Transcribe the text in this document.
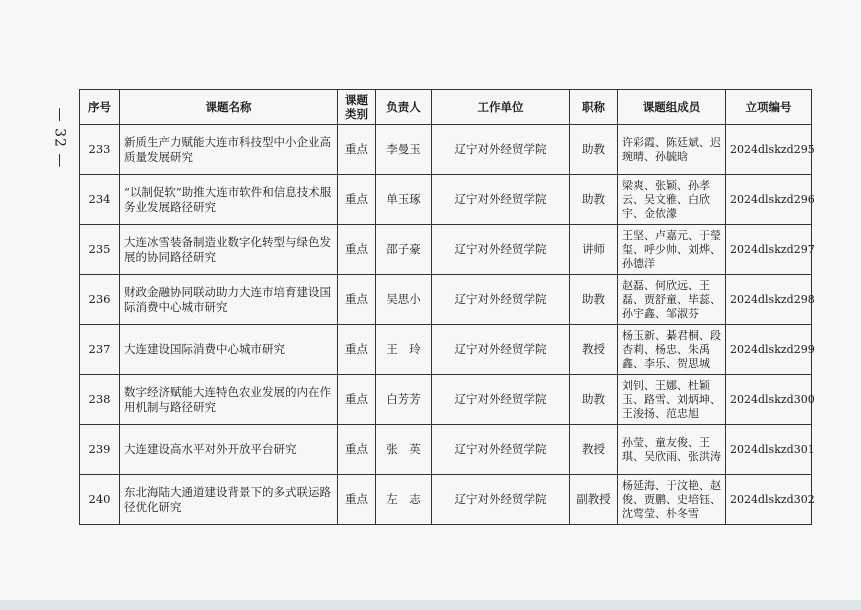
— 32 —
序号	课题名称	课题类别	负责人	工作单位	职称	课题组成员	立项编号
233	新质生产力赋能大连市科技型中小企业高质量发展研究	重点	李曼玉	辽宁对外经贸学院	助教	许彩霞、陈廷斌、迟琬晴、孙毓晗	2024dlskzd295
234	“以制促软”助推大连市软件和信息技术服务业发展路径研究	重点	单玉琢	辽宁对外经贸学院	助教	梁爽、张颖、孙孝云、吴文雅、白欣宇、金依濛	2024dlskzd296
235	大连冰雪装备制造业数字化转型与绿色发展的协同路径研究	重点	邵子豪	辽宁对外经贸学院	讲师	王坚、卢嘉元、于瑩玺、呼少帅、刘烨、孙德洋	2024dlskzd297
236	财政金融协同联动助力大连市培育建设国际消费中心城市研究	重点	吴思小	辽宁对外经贸学院	助教	赵磊、何欣远、王磊、贾舒童、毕蕊、孙宇鑫、邹淑芬	2024dlskzd298
237	大连建设国际消费中心城市研究	重点	王　玲	辽宁对外经贸学院	教授	杨玉新、綦君桐、段杏莉、杨忠、朱禹鑫、李乐、贺思城	2024dlskzd299
238	数字经济赋能大连特色农业发展的内在作用机制与路径研究	重点	白芳芳	辽宁对外经贸学院	助教	刘钊、王娜、杜颖玉、路雪、刘炳坤、王浚扬、范忠旭	2024dlskzd300
239	大连建设高水平对外开放平台研究	重点	张　英	辽宁对外经贸学院	教授	孙莹、童友俊、王琪、吴欣雨、张洪涛	2024dlskzd301
240	东北海陆大通道建设背景下的多式联运路径优化研究	重点	左　志	辽宁对外经贸学院	副教授	杨延海、于汶艳、赵俊、贾鹏、史培钰、沈莺莹、朴冬雪	2024dlskzd302
